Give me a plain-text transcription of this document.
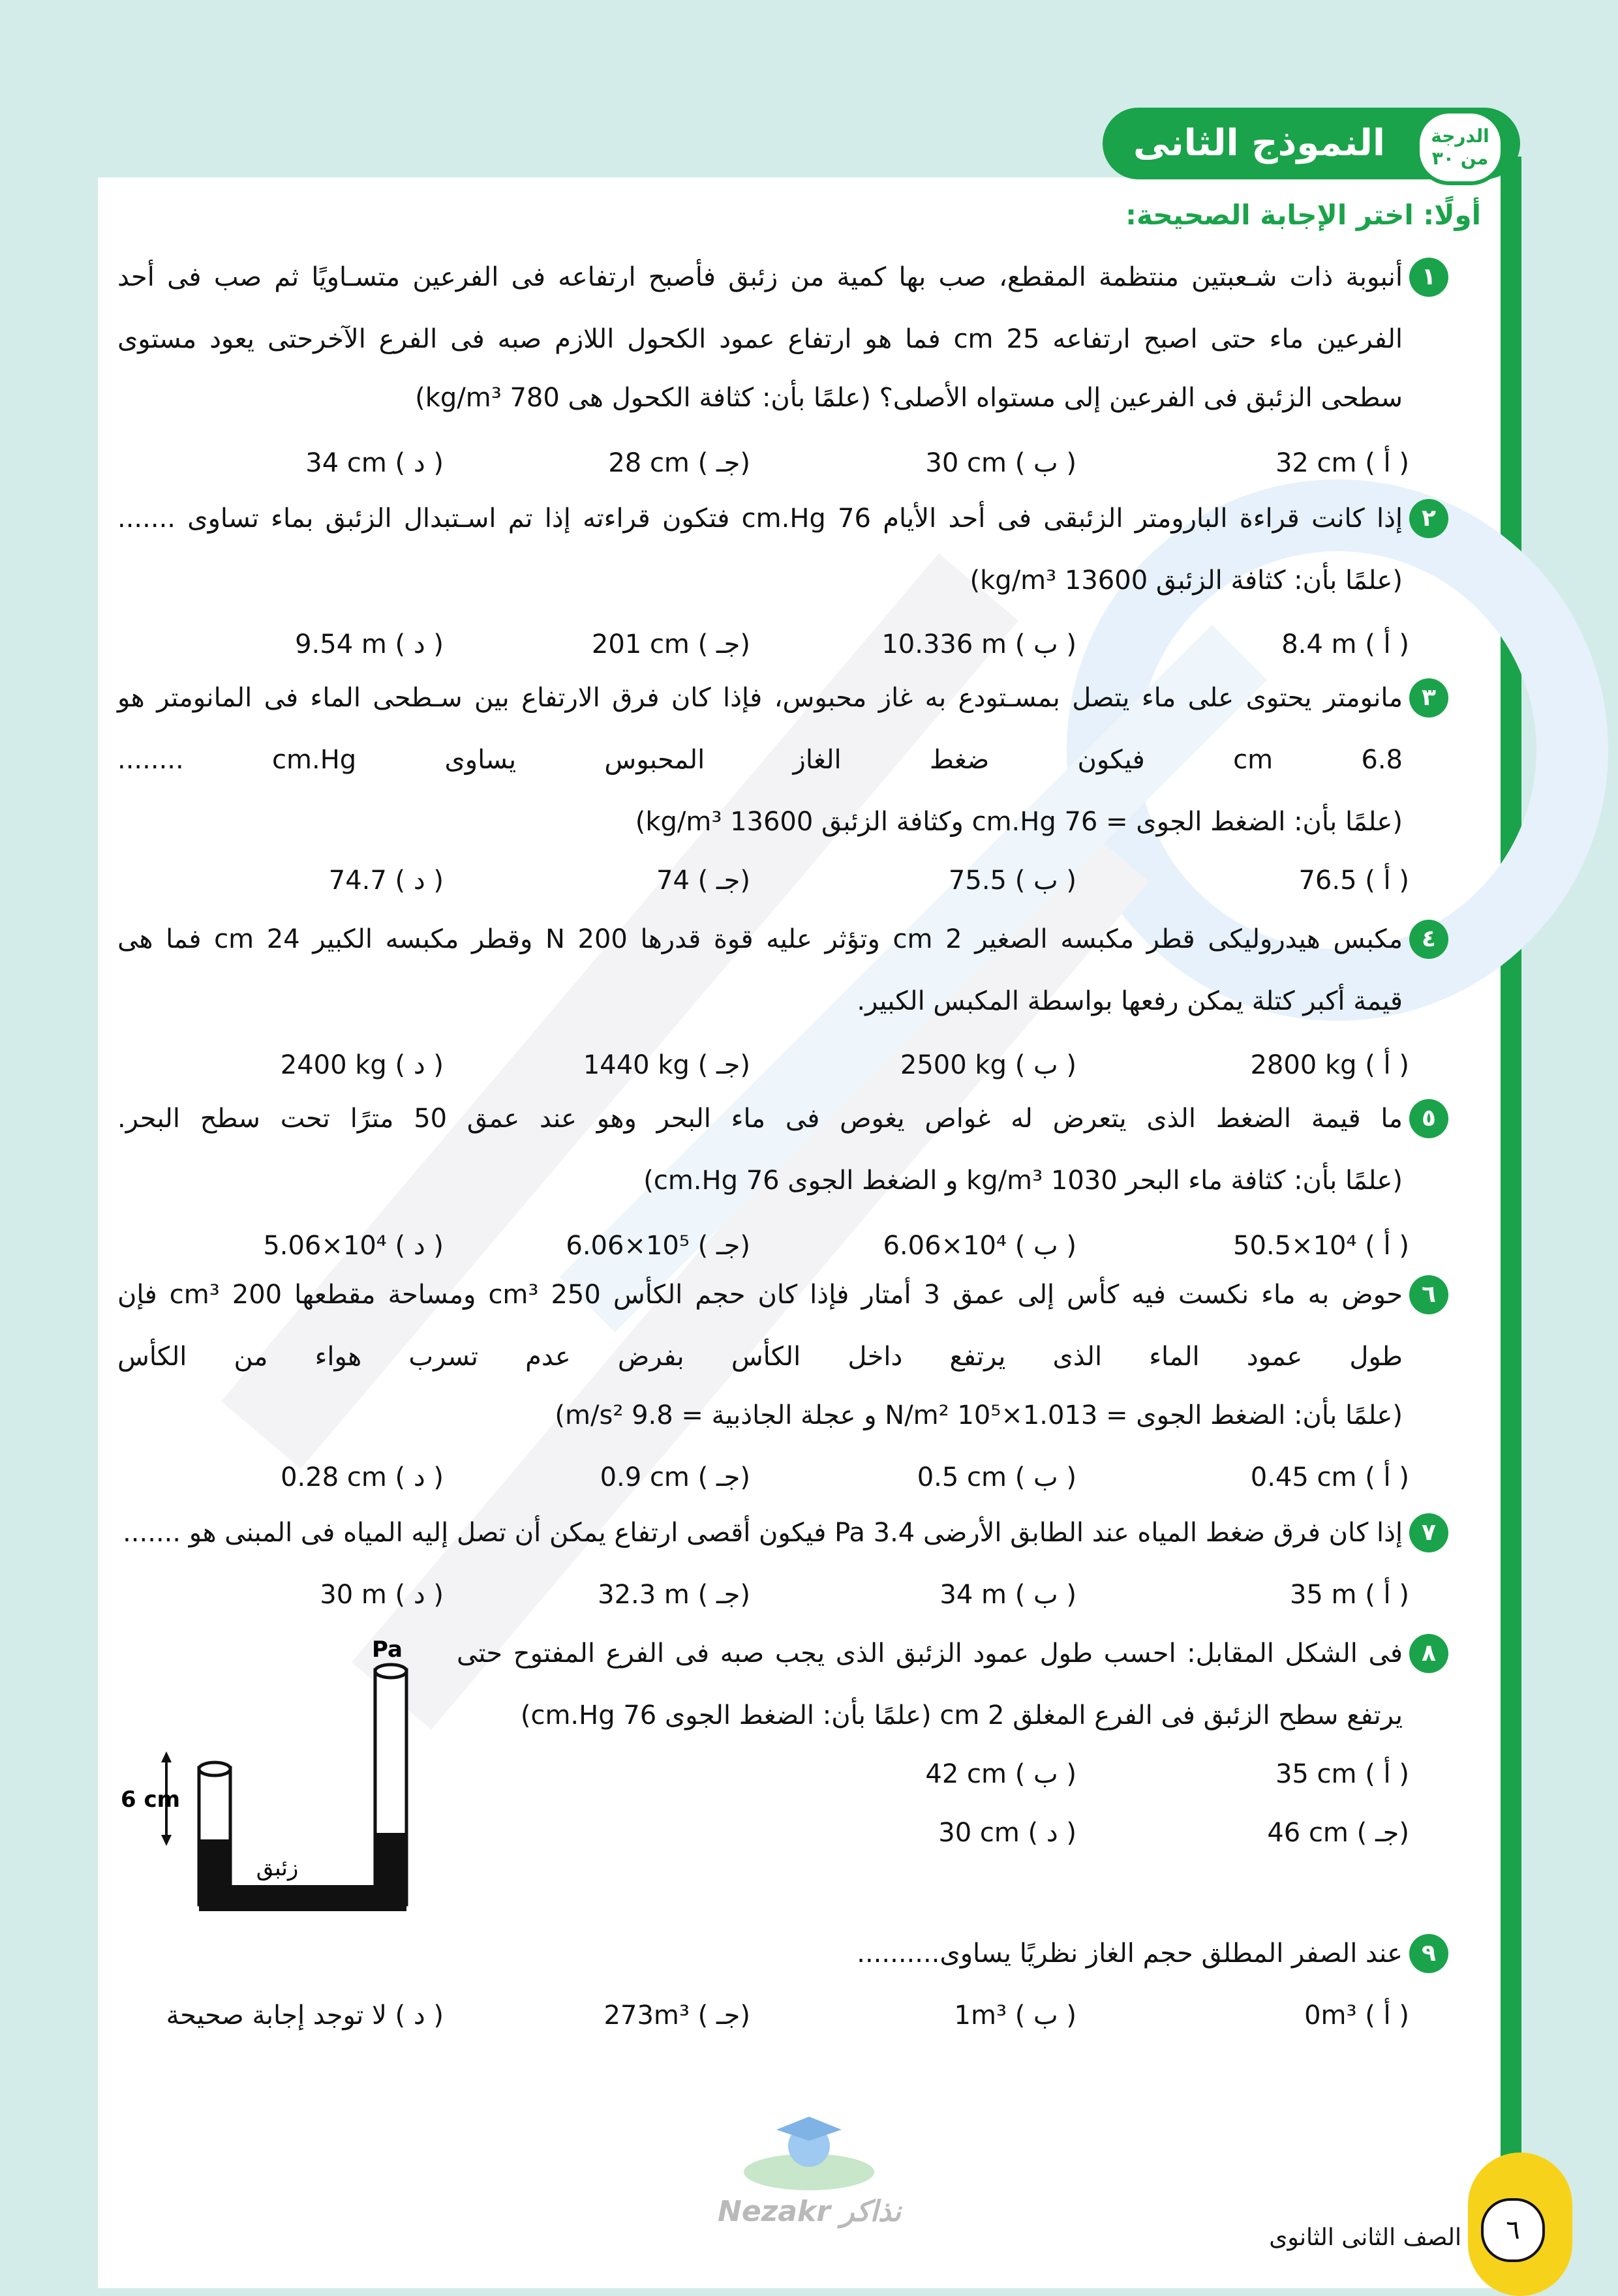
النموذج الثانى	الدرجة
من ٣٠
أولًا: اختر الإجابة الصحيحة:
١
أنبوبة ذات شـعبتين منتظمة المقطع، صب بها كمية من زئبق فأصبح ارتفاعه فى الفرعين متسـاويًا ثم صب فى أحد
الفرعين ماء حتى اصبح ارتفاعه 25 cm فما هو ارتفاع عمود الكحول اللازم صبه فى الفرع الآخرحتى يعود مستوى
سطحى الزئبق فى الفرعين إلى مستواه الأصلى؟ (علمًا بأن: كثافة الكحول هى 780 kg/m³)
( أ ) 32 cm
( ب ) 30 cm
(جـ ) 28 cm
( د ) 34 cm
٢
إذا كانت قراءة البارومتر الزئبقى فى أحد الأيام 76 cm.Hg فتكون قراءته إذا تم اسـتبدال الزئبق بماء تساوى .......
(علمًا بأن: كثافة الزئبق 13600 kg/m³)
( أ ) 8.4 m
( ب ) 10.336 m
(جـ ) 201 cm
( د ) 9.54 m
٣
مانومتر يحتوى على ماء يتصل بمسـتودع به غاز محبوس، فإذا كان فرق الارتفاع بين سـطحى الماء فى المانومتر هو
6.8 cm فيكون ضغط الغاز المحبوس يساوى cm.Hg ........
(علمًا بأن: الضغط الجوى = 76 cm.Hg وكثافة الزئبق 13600 kg/m³)
( أ ) 76.5
( ب ) 75.5
(جـ ) 74
( د ) 74.7
٤
مكبس هيدروليكى قطر مكبسه الصغير 2 cm وتؤثر عليه قوة قدرها 200 N وقطر مكبسه الكبير 24 cm فما هى
قيمة أكبر كتلة يمكن رفعها بواسطة المكبس الكبير.
( أ ) 2800 kg
( ب ) 2500 kg
(جـ ) 1440 kg
( د ) 2400 kg
٥
ما قيمة الضغط الذى يتعرض له غواص يغوص فى ماء البحر وهو عند عمق 50 مترًا تحت سطح البحر.
(علمًا بأن: كثافة ماء البحر 1030 kg/m³ و الضغط الجوى 76 cm.Hg)
( أ ) 50.5×10⁴
( ب ) 6.06×10⁴
(جـ ) 6.06×10⁵
( د ) 5.06×10⁴
٦
حوض به ماء نكست فيه كأس إلى عمق 3 أمتار فإذا كان حجم الكأس 250 cm³ ومساحة مقطعها 200 cm³ فإن
طول عمود الماء الذى يرتفع داخل الكأس بفرض عدم تسرب هواء من الكأس
(علمًا بأن: الضغط الجوى = 1.013×10⁵ N/m² و عجلة الجاذبية = 9.8 m/s²)
( أ ) 0.45 cm
( ب ) 0.5 cm
(جـ ) 0.9 cm
( د ) 0.28 cm
٧
إذا كان فرق ضغط المياه عند الطابق الأرضى 3.4 Pa فيكون أقصى ارتفاع يمكن أن تصل إليه المياه فى المبنى هو .......
( أ ) 35 m
( ب ) 34 m
(جـ ) 32.3 m
( د ) 30 m
٨
فى الشكل المقابل: احسب طول عمود الزئبق الذى يجب صبه فى الفرع المفتوح حتى
يرتفع سطح الزئبق فى الفرع المغلق 2 cm (علمًا بأن: الضغط الجوى 76 cm.Hg)
( أ ) 35 cm
( ب ) 42 cm
(جـ ) 46 cm
( د ) 30 cm
٩
عند الصفر المطلق حجم الغاز نظريًا يساوى..........
( أ ) 0m³
( ب ) 1m³
(جـ ) 273m³
( د ) لا توجد إجابة صحيحة
6 cm
Pa
زئبق
٦
الصف الثانى الثانوى
Nezakr نذاكر
